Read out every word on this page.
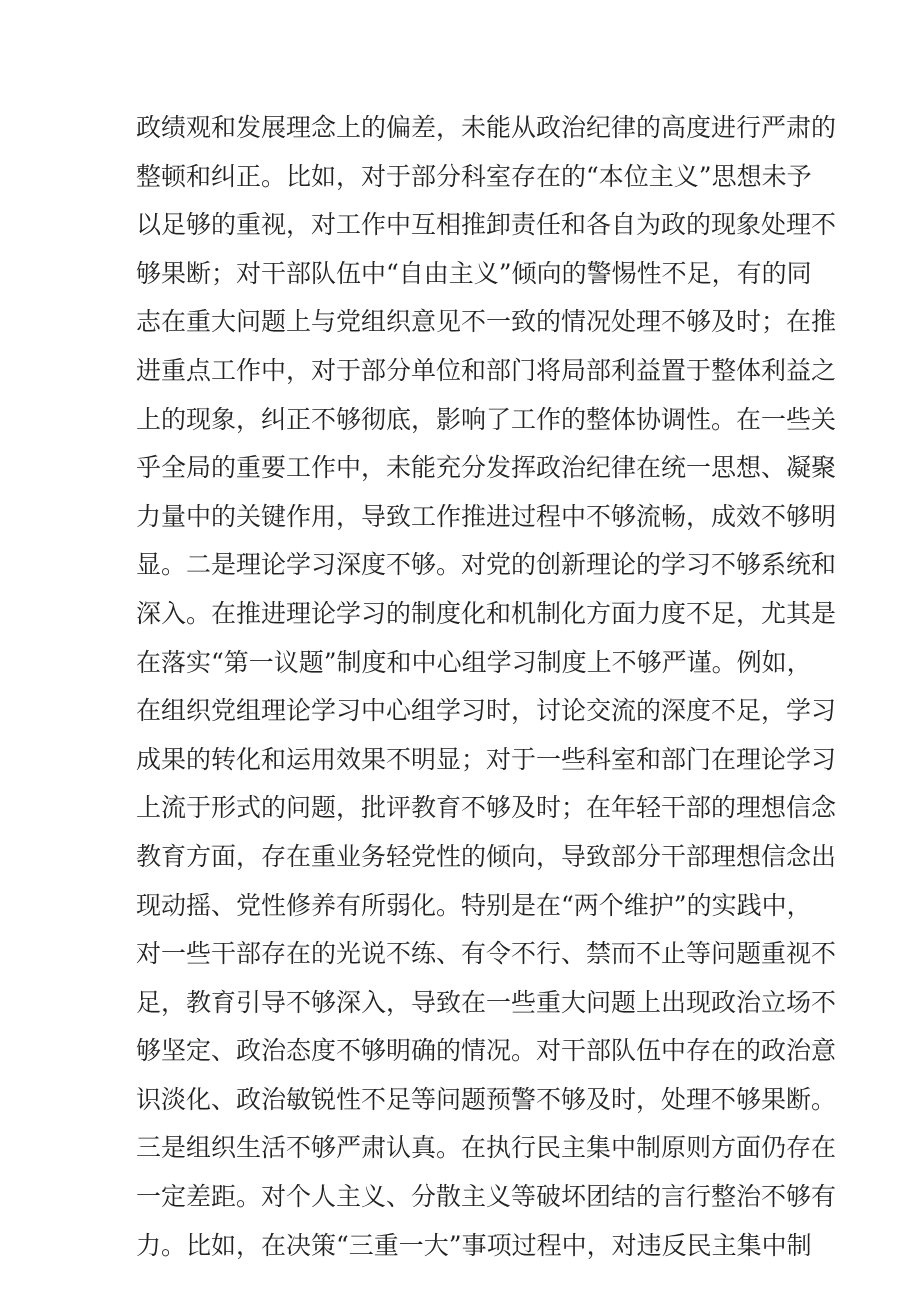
政绩观和发展理念上的偏差，未能从政治纪律的高度进行严肃的
整顿和纠正。比如，对于部分科室存在的“本位主义”思想未予
以足够的重视，对工作中互相推卸责任和各自为政的现象处理不
够果断；对干部队伍中“自由主义”倾向的警惕性不足，有的同
志在重大问题上与党组织意见不一致的情况处理不够及时；在推
进重点工作中，对于部分单位和部门将局部利益置于整体利益之
上的现象，纠正不够彻底，影响了工作的整体协调性。在一些关
乎全局的重要工作中，未能充分发挥政治纪律在统一思想、凝聚
力量中的关键作用，导致工作推进过程中不够流畅，成效不够明
显。二是理论学习深度不够。对党的创新理论的学习不够系统和
深入。在推进理论学习的制度化和机制化方面力度不足，尤其是
在落实“第一议题”制度和中心组学习制度上不够严谨。例如，
在组织党组理论学习中心组学习时，讨论交流的深度不足，学习
成果的转化和运用效果不明显；对于一些科室和部门在理论学习
上流于形式的问题，批评教育不够及时；在年轻干部的理想信念
教育方面，存在重业务轻党性的倾向，导致部分干部理想信念出
现动摇、党性修养有所弱化。特别是在“两个维护”的实践中，
对一些干部存在的光说不练、有令不行、禁而不止等问题重视不
足，教育引导不够深入，导致在一些重大问题上出现政治立场不
够坚定、政治态度不够明确的情况。对干部队伍中存在的政治意
识淡化、政治敏锐性不足等问题预警不够及时，处理不够果断。
三是组织生活不够严肃认真。在执行民主集中制原则方面仍存在
一定差距。对个人主义、分散主义等破坏团结的言行整治不够有
力。比如，在决策“三重一大”事项过程中，对违反民主集中制
